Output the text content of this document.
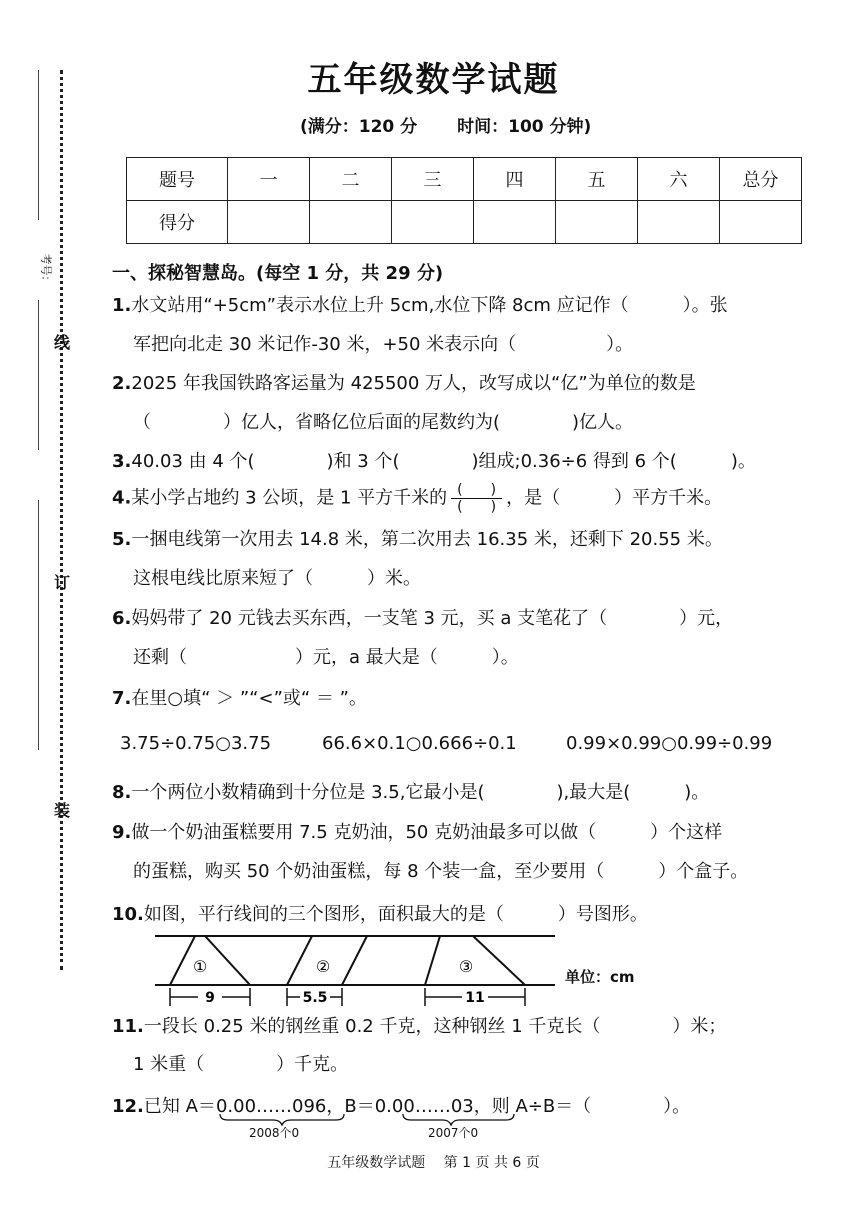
考号：
线
订
装
五年级数学试题
(满分：120 分 时间：100 分钟)
题号	一	二	三	四	五	六	总分
得分							
一、探秘智慧岛。(每空 1 分，共 29 分)
1.水文站用“+5cm”表示水位上升 5cm,水位下降 8cm 应记作（　　　）。张
军把向北走 30 米记作-30 米，+50 米表示向（　　　　　）。
2.2025 年我国铁路客运量为 425500 万人，改写成以“亿”为单位的数是
（　　　　）亿人，省略亿位后面的尾数约为(　　　　)亿人。
3.40.03 由 4 个(　　　　)和 3 个(　　　　)组成;0.36÷6 得到 6 个(　　　)。
4.某小学占地约 3 公顷，是 1 平方千米的 $\frac{( )}{( )}$ ，是（　　　）平方千米。
5.一捆电线第一次用去 14.8 米，第二次用去 16.35 米，还剩下 20.55 米。
这根电线比原来短了（　　　）米。
6.妈妈带了 20 元钱去买东西，一支笔 3 元，买 a 支笔花了（　　　　）元，
还剩（　　　　　　）元，a 最大是（　　　）。
7.在里○填“ ＞ ”“<”或“ ＝ ”。
3.75÷0.75○3.75	66.6×0.1○0.666÷0.1	0.99×0.99○0.99÷0.99
8.一个两位小数精确到十分位是 3.5,它最小是(　　　　),最大是(　　　)。
9.做一个奶油蛋糕要用 7.5 克奶油，50 克奶油最多可以做（　　　）个这样
的蛋糕，购买 50 个奶油蛋糕，每 8 个装一盒，至少要用（　　　）个盒子。
10.如图，平行线间的三个图形，面积最大的是（　　　）号图形。
①	②	③
9	5.5	11
单位：cm
11.一段长 0.25 米的钢丝重 0.2 千克，这种钢丝 1 千克长（　　　　）米；
1 米重（　　　　）千克。
12.已知 A＝0.00……096，B＝0.00……03，则 A÷B＝（　　　　）。
2008个0	2007个0
五年级数学试题　 第 1 页 共 6 页
